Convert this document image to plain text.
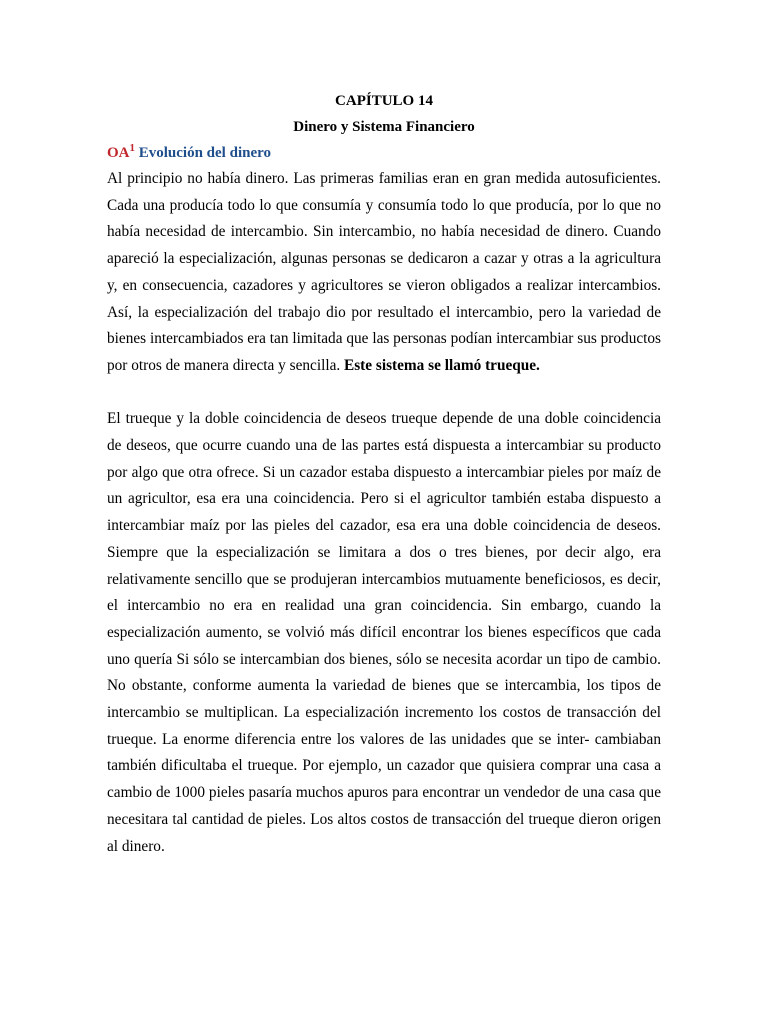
CAPÍTULO 14
Dinero y Sistema Financiero
$OA^1$ Evolución del dinero

Al principio no había dinero. Las primeras familias eran en gran medida autosuficientes. Cada una producía todo lo que consumía y consumía todo lo que producía, por lo que no había necesidad de intercambio. Sin intercambio, no había necesidad de dinero. Cuando apareció la especialización, algunas personas se dedicaron a cazar y otras a la agricultura y, en consecuencia, cazadores y agricultores se vieron obligados a realizar intercambios. Así, la especialización del trabajo dio por resultado el intercambio, pero la variedad de bienes intercambiados era tan limitada que las personas podían intercambiar sus productos por otros de manera directa y sencilla. Este sistema se llamó trueque.

El trueque y la doble coincidencia de deseos trueque depende de una doble coincidencia de deseos, que ocurre cuando una de las partes está dispuesta a intercambiar su producto por algo que otra ofrece. Si un cazador estaba dispuesto a intercambiar pieles por maíz de un agricultor, esa era una coincidencia. Pero si el agricultor también estaba dispuesto a intercambiar maíz por las pieles del cazador, esa era una doble coincidencia de deseos. Siempre que la especialización se limitara a dos o tres bienes, por decir algo, era relativamente sencillo que se produjeran intercambios mutuamente beneficiosos, es decir, el intercambio no era en realidad una gran coincidencia. Sin embargo, cuando la especialización aumento, se volvió más difícil encontrar los bienes específicos que cada uno quería Si sólo se intercambian dos bienes, sólo se necesita acordar un tipo de cambio. No obstante, conforme aumenta la variedad de bienes que se intercambia, los tipos de intercambio se multiplican. La especialización incremento los costos de transacción del trueque. La enorme diferencia entre los valores de las unidades que se inter- cambiaban también dificultaba el trueque. Por ejemplo, un cazador que quisiera comprar una casa a cambio de 1000 pieles pasaría muchos apuros para encontrar un vendedor de una casa que necesitara tal cantidad de pieles. Los altos costos de transacción del trueque dieron origen al dinero.
